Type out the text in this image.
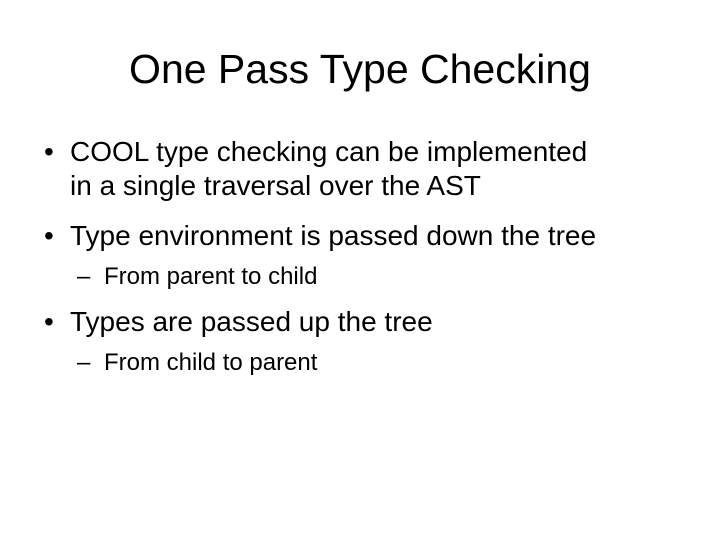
One Pass Type Checking
• COOL type checking can be implemented
in a single traversal over the AST
• Type environment is passed down the tree
– From parent to child
• Types are passed up the tree
– From child to parent
